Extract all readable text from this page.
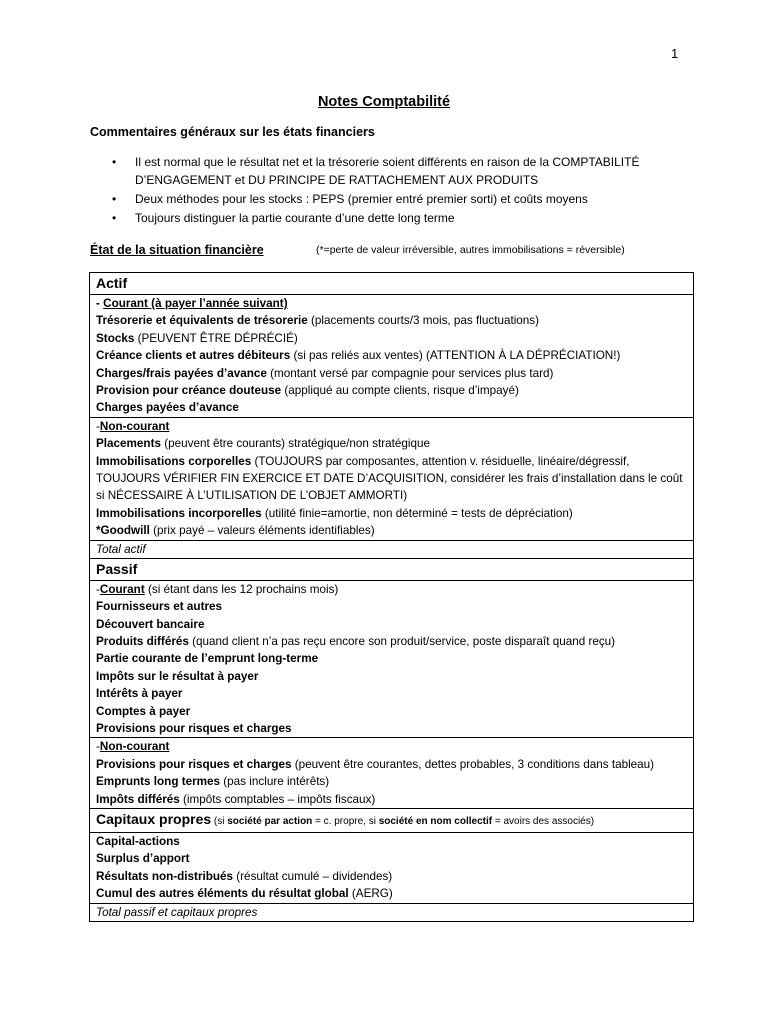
1
Notes Comptabilité
Commentaires généraux sur les états financiers
• Il est normal que le résultat net et la trésorerie soient différents en raison de la COMPTABILITÉ D’ENGAGEMENT et DU PRINCIPE DE RATTACHEMENT AUX PRODUITS
• Deux méthodes pour les stocks : PEPS (premier entré premier sorti) et coûts moyens
• Toujours distinguer la partie courante d’une dette long terme
État de la situation financière	(*=perte de valeur irréversible, autres immobilisations = réversible)
Actif

- Courant (à payer l’année suivant)
Trésorerie et équivalents de trésorerie (placements courts/3 mois, pas fluctuations)
Stocks (PEUVENT ÊTRE DÉPRÉCIÉ)
Créance clients et autres débiteurs (si pas reliés aux ventes) (ATTENTION À LA DÉPRÉCIATION!)
Charges/frais payées d’avance (montant versé par compagnie pour services plus tard)
Provision pour créance douteuse (appliqué au compte clients, risque d’impayé)
Charges payées d’avance

-Non-courant
Placements (peuvent être courants) stratégique/non stratégique
Immobilisations corporelles (TOUJOURS par composantes, attention v. résiduelle, linéaire/dégressif, TOUJOURS VÉRIFIER FIN EXERCICE ET DATE D’ACQUISITION, considérer les frais d’installation dans le coût si NÉCESSAIRE À L’UTILISATION DE L’OBJET AMMORTI)
Immobilisations incorporelles (utilité finie=amortie, non déterminé = tests de dépréciation)
*Goodwill (prix payé – valeurs éléments identifiables)

Total actif
Passif

-Courant (si étant dans les 12 prochains mois)
Fournisseurs et autres
Découvert bancaire
Produits différés (quand client n’a pas reçu encore son produit/service, poste disparaît quand reçu)
Partie courante de l’emprunt long-terme
Impôts sur le résultat à payer
Intérêts à payer
Comptes à payer
Provisions pour risques et charges

-Non-courant
Provisions pour risques et charges (peuvent être courantes, dettes probables, 3 conditions dans tableau)
Emprunts long termes (pas inclure intérêts)
Impôts différés (impôts comptables – impôts fiscaux)

Capitaux propres (si société par action = c. propre, si société en nom collectif = avoirs des associés)

Capital-actions
Surplus d’apport
Résultats non-distribués (résultat cumulé – dividendes)
Cumul des autres éléments du résultat global (AERG)

Total passif et capitaux propres
